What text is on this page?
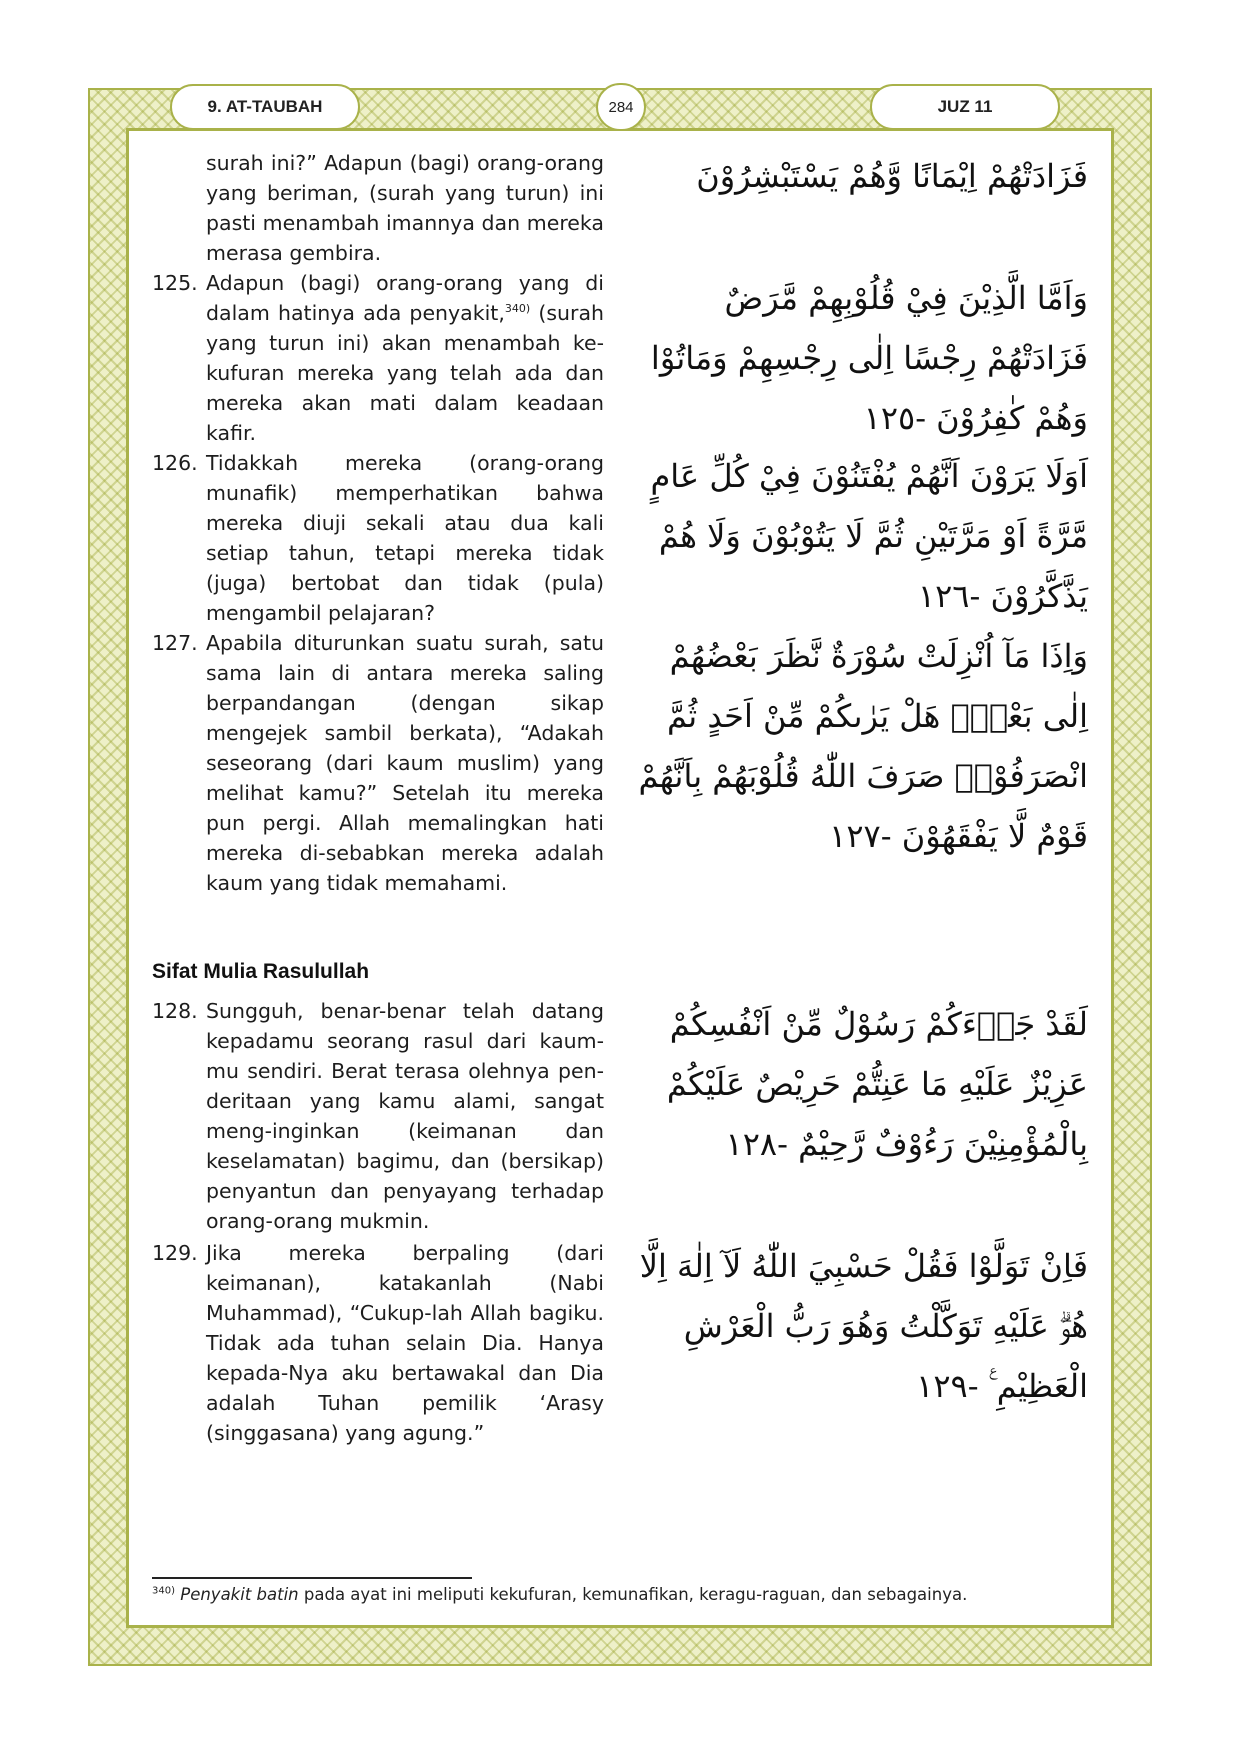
9. AT-TAUBAH	284	JUZ 11
surah ini?” Adapun (bagi) orang-orang yang beriman, (surah yang turun) ini pasti menambah imannya dan mereka merasa gembira.
فَزَادَتْهُمْ اِيْمَانًا وَّهُمْ يَسْتَبْشِرُوْنَ
125. Adapun (bagi) orang-orang yang di dalam hatinya ada penyakit,$^{340)}$ (surah yang turun ini) akan menambah ke-kufuran mereka yang telah ada dan mereka akan mati dalam keadaan kafir.
وَاَمَّا الَّذِيْنَ فِيْ قُلُوْبِهِمْ مَّرَضٌ فَزَادَتْهُمْ رِجْسًا اِلٰى رِجْسِهِمْ وَمَاتُوْا وَهُمْ كٰفِرُوْنَ -١٢٥
126. Tidakkah mereka (orang-orang munafik) memperhatikan bahwa mereka diuji sekali atau dua kali setiap tahun, tetapi mereka tidak (juga) bertobat dan tidak (pula) mengambil pelajaran?
اَوَلَا يَرَوْنَ اَنَّهُمْ يُفْتَنُوْنَ فِيْ كُلِّ عَامٍ مَّرَّةً اَوْ مَرَّتَيْنِ ثُمَّ لَا يَتُوْبُوْنَ وَلَا هُمْ يَذَّكَّرُوْنَ -١٢٦
127. Apabila diturunkan suatu surah, satu sama lain di antara mereka saling berpandangan (dengan sikap mengejek sambil berkata), “Adakah seseorang (dari kaum muslim) yang melihat kamu?” Setelah itu mereka pun pergi. Allah memalingkan hati mereka di-sebabkan mereka adalah kaum yang tidak memahami.
وَاِذَا مَآ اُنْزِلَتْ سُوْرَةٌ نَّظَرَ بَعْضُهُمْ اِلٰى بَعْضٍۗ هَلْ يَرٰىكُمْ مِّنْ اَحَدٍ ثُمَّ انْصَرَفُوْاۗ صَرَفَ اللّٰهُ قُلُوْبَهُمْ بِاَنَّهُمْ قَوْمٌ لَّا يَفْقَهُوْنَ -١٢٧
Sifat Mulia Rasulullah
128. Sungguh, benar-benar telah datang kepadamu seorang rasul dari kaum-mu sendiri. Berat terasa olehnya pen-deritaan yang kamu alami, sangat meng-inginkan (keimanan dan keselamatan) bagimu, dan (bersikap) penyantun dan penyayang terhadap orang-orang mukmin.
لَقَدْ جَاۤءَكُمْ رَسُوْلٌ مِّنْ اَنْفُسِكُمْ عَزِيْزٌ عَلَيْهِ مَا عَنِتُّمْ حَرِيْصٌ عَلَيْكُمْ بِالْمُؤْمِنِيْنَ رَءُوْفٌ رَّحِيْمٌ -١٢٨
129. Jika mereka berpaling (dari keimanan), katakanlah (Nabi Muhammad), “Cukup-lah Allah bagiku. Tidak ada tuhan selain Dia. Hanya kepada-Nya aku bertawakal dan Dia adalah Tuhan pemilik ‘Arasy (singgasana) yang agung.”
فَاِنْ تَوَلَّوْا فَقُلْ حَسْبِيَ اللّٰهُ لَآ اِلٰهَ اِلَّا هُوَۗ عَلَيْهِ تَوَكَّلْتُ وَهُوَ رَبُّ الْعَرْشِ الْعَظِيْمِ ࣖ -١٢٩
$^{340)}$ Penyakit batin pada ayat ini meliputi kekufuran, kemunafikan, keragu-raguan, dan sebagainya.
